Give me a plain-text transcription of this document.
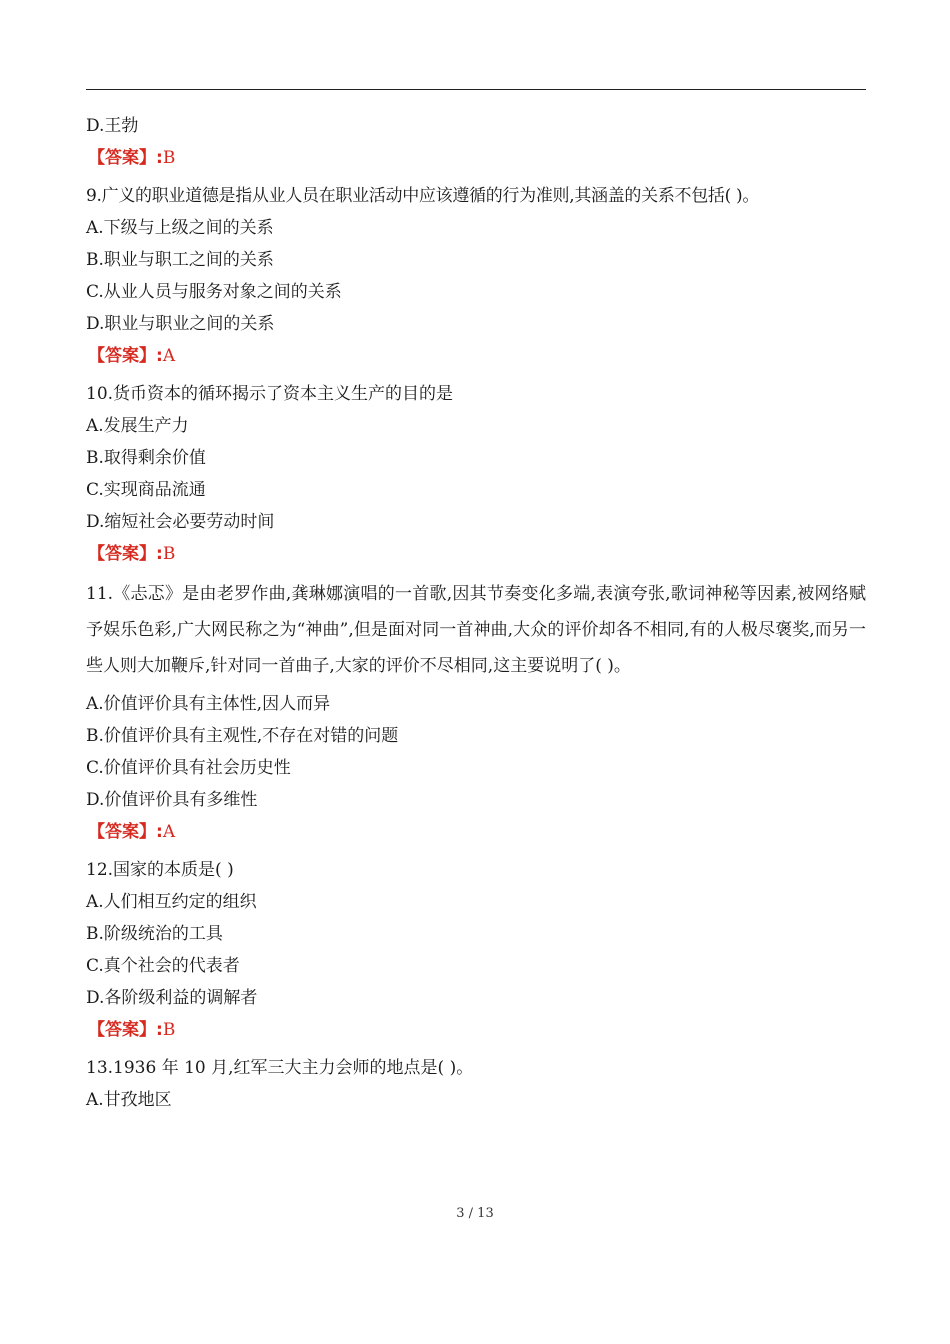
D.王勃
【答案】:B
9.广义的职业道德是指从业人员在职业活动中应该遵循的行为准则,其涵盖的关系不包括( )。
A.下级与上级之间的关系
B.职业与职工之间的关系
C.从业人员与服务对象之间的关系
D.职业与职业之间的关系
【答案】:A
10.货币资本的循环揭示了资本主义生产的目的是
A.发展生产力
B.取得剩余价值
C.实现商品流通
D.缩短社会必要劳动时间
【答案】:B
11.《忐忑》是由老罗作曲,龚琳娜演唱的一首歌,因其节奏变化多端,表演夸张,歌词神秘等因素,被网络赋予娱乐色彩,广大网民称之为“神曲”,但是面对同一首神曲,大众的评价却各不相同,有的人极尽褒奖,而另一些人则大加鞭斥,针对同一首曲子,大家的评价不尽相同,这主要说明了( )。
A.价值评价具有主体性,因人而异
B.价值评价具有主观性,不存在对错的问题
C.价值评价具有社会历史性
D.价值评价具有多维性
【答案】:A
12.国家的本质是( )
A.人们相互约定的组织
B.阶级统治的工具
C.真个社会的代表者
D.各阶级利益的调解者
【答案】:B
13.1936 年 10 月,红军三大主力会师的地点是( )。
A.甘孜地区
3 / 13
